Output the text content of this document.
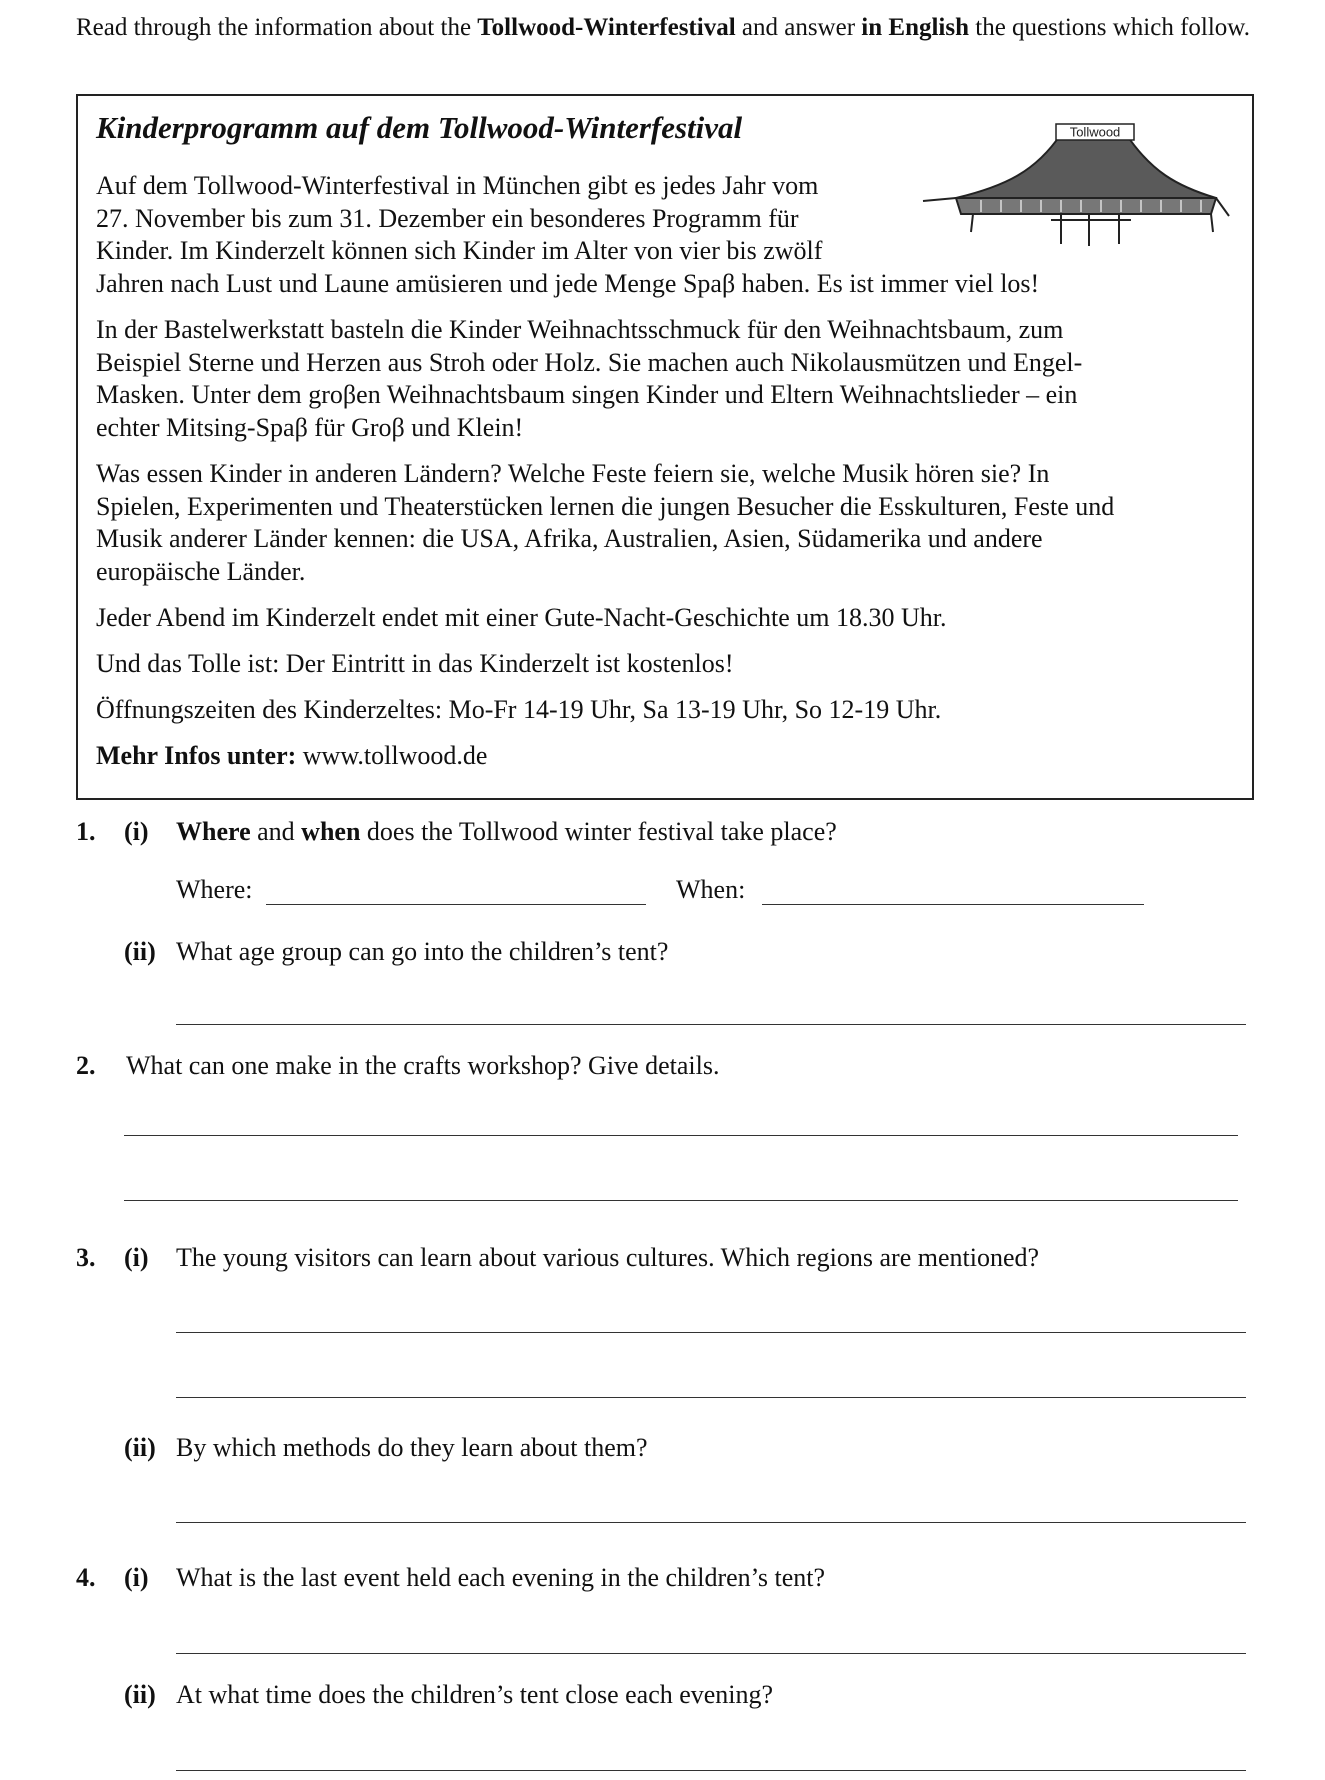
Read through the information about the Tollwood-Winterfestival and answer in English the questions which follow.
Kinderprogramm auf dem Tollwood-Winterfestival	Tollwood
Auf dem Tollwood-Winterfestival in München gibt es jedes Jahr vom
27. November bis zum 31. Dezember ein besonderes Programm für
Kinder. Im Kinderzelt können sich Kinder im Alter von vier bis zwölf
Jahren nach Lust und Laune amüsieren und jede Menge Spaβ haben. Es ist immer viel los!
In der Bastelwerkstatt basteln die Kinder Weihnachtsschmuck für den Weihnachtsbaum, zum
Beispiel Sterne und Herzen aus Stroh oder Holz. Sie machen auch Nikolausmützen und Engel-
Masken. Unter dem groβen Weihnachtsbaum singen Kinder und Eltern Weihnachtslieder – ein
echter Mitsing-Spaβ für Groβ und Klein!
Was essen Kinder in anderen Ländern? Welche Feste feiern sie, welche Musik hören sie? In
Spielen, Experimenten und Theaterstücken lernen die jungen Besucher die Esskulturen, Feste und
Musik anderer Länder kennen: die USA, Afrika, Australien, Asien, Südamerika und andere
europäische Länder.
Jeder Abend im Kinderzelt endet mit einer Gute-Nacht-Geschichte um 18.30 Uhr.
Und das Tolle ist: Der Eintritt in das Kinderzelt ist kostenlos!
Öffnungszeiten des Kinderzeltes: Mo-Fr 14-19 Uhr, Sa 13-19 Uhr, So 12-19 Uhr.
Mehr Infos unter: www.tollwood.de
1. (i) Where and when does the Tollwood winter festival take place?
Where:	When:
(ii) What age group can go into the children’s tent?
2. What can one make in the crafts workshop? Give details.
3. (i) The young visitors can learn about various cultures. Which regions are mentioned?
(ii) By which methods do they learn about them?
4. (i) What is the last event held each evening in the children’s tent?
(ii) At what time does the children’s tent close each evening?
